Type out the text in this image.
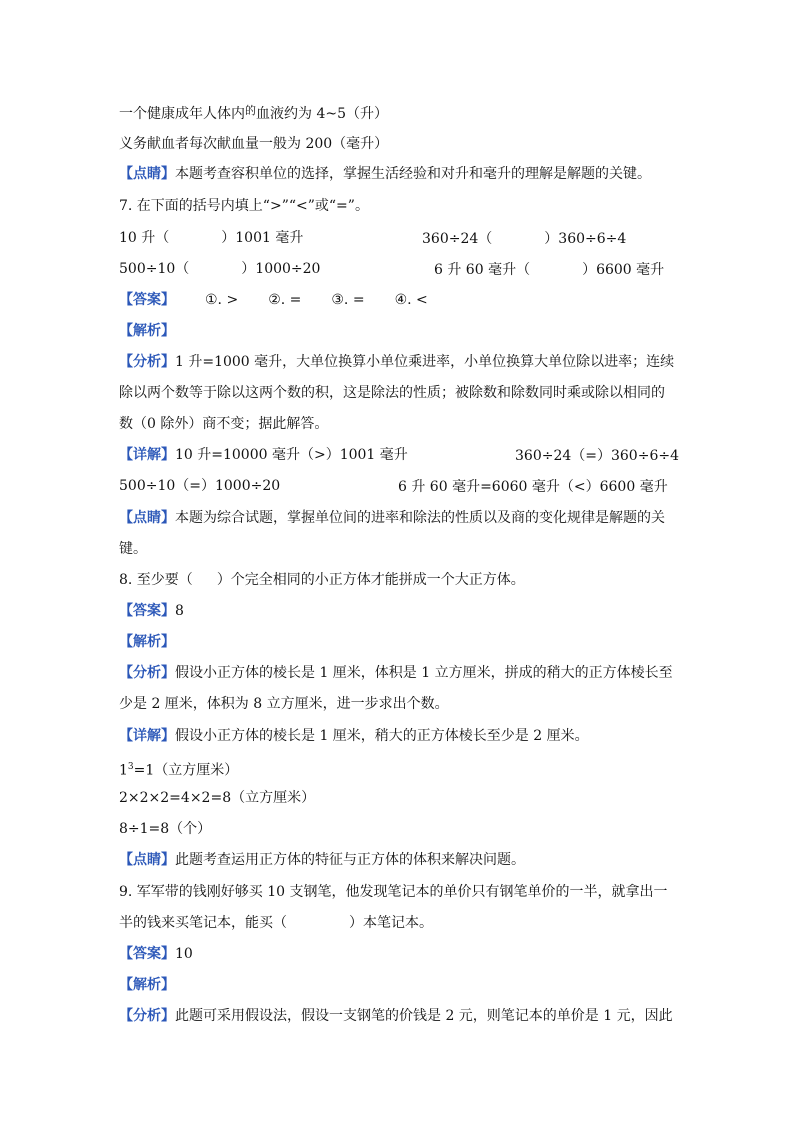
一个健康成年人体内$^的$血液约为 4~5（升）
义务献血者每次献血量一般为 200（毫升）
【点睛】本题考查容积单位的选择，掌握生活经验和对升和毫升的理解是解题的关键。
7. 在下面的括号内填上“>”“<”或“=”。
10 升（	）1001 毫升	360÷24（	）360÷6÷4
500÷10（	）1000÷20	6 升 60 毫升（	）6600 毫升
【答案】 ①. > ②. = ③. = ④. <
【解析】
【分析】1 升=1000 毫升，大单位换算小单位乘进率，小单位换算大单位除以进率；连续
除以两个数等于除以这两个数的积，这是除法的性质；被除数和除数同时乘或除以相同的
数（0 除外）商不变；据此解答。
【详解】10 升=10000 毫升（>）1001 毫升	360÷24（=）360÷6÷4
500÷10（=）1000÷20	6 升 60 毫升=6060 毫升（<）6600 毫升
【点睛】本题为综合试题，掌握单位间的进率和除法的性质以及商的变化规律是解题的关
键。
8. 至少要（ ）个完全相同的小正方体才能拼成一个大正方体。
【答案】8
【解析】
【分析】假设小正方体的棱长是 1 厘米，体积是 1 立方厘米，拼成的稍大的正方体棱长至
少是 2 厘米，体积为 8 立方厘米，进一步求出个数。
【详解】假设小正方体的棱长是 1 厘米，稍大的正方体棱长至少是 2 厘米。
$1^3=1$（立方厘米）
2×2×2=4×2=8（立方厘米）
8÷1=8（个）
【点睛】此题考查运用正方体的特征与正方体的体积来解决问题。
9. 军军带的钱刚好够买 10 支钢笔，他发现笔记本的单价只有钢笔单价的一半，就拿出一
半的钱来买笔记本，能买（	）本笔记本。
【答案】10
【解析】
【分析】此题可采用假设法，假设一支钢笔的价钱是 2 元，则笔记本的单价是 1 元，因此
